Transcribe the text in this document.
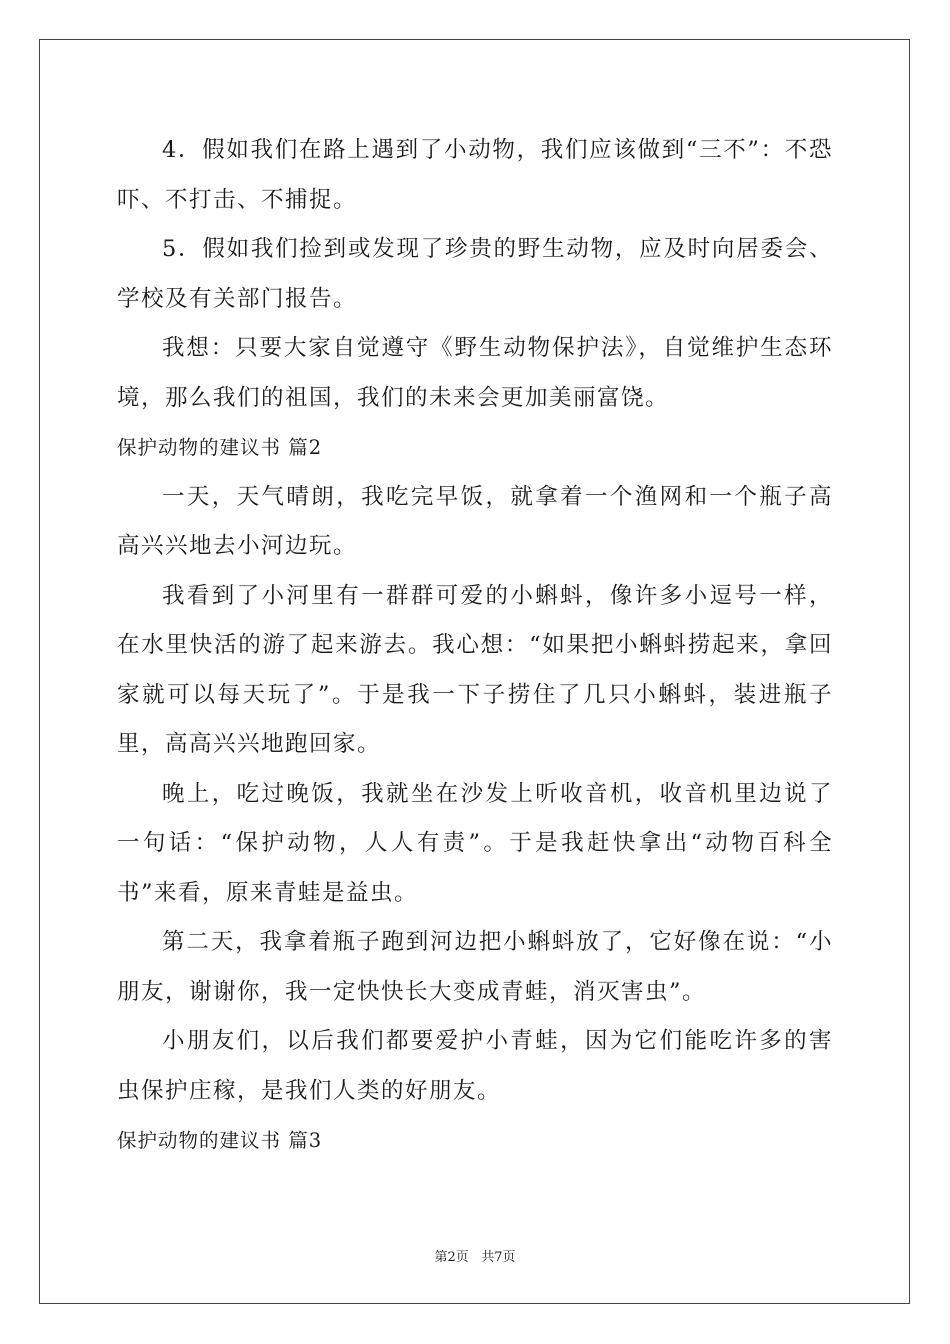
4．假如我们在路上遇到了小动物，我们应该做到“三不”：不恐吓、不打击、不捕捉。

5．假如我们捡到或发现了珍贵的野生动物，应及时向居委会、学校及有关部门报告。

我想：只要大家自觉遵守《野生动物保护法》，自觉维护生态环境，那么我们的祖国，我们的未来会更加美丽富饶。

保护动物的建议书 篇2

一天，天气晴朗，我吃完早饭，就拿着一个渔网和一个瓶子高高兴兴地去小河边玩。

我看到了小河里有一群群可爱的小蝌蚪，像许多小逗号一样，在水里快活的游了起来游去。我心想：“如果把小蝌蚪捞起来，拿回家就可以每天玩了”。于是我一下子捞住了几只小蝌蚪，装进瓶子里，高高兴兴地跑回家。

晚上，吃过晚饭，我就坐在沙发上听收音机，收音机里边说了一句话：“保护动物，人人有责”。于是我赶快拿出“动物百科全书”来看，原来青蛙是益虫。

第二天，我拿着瓶子跑到河边把小蝌蚪放了，它好像在说：“小朋友，谢谢你，我一定快快长大变成青蛙，消灭害虫”。

小朋友们，以后我们都要爱护小青蛙，因为它们能吃许多的害虫保护庄稼，是我们人类的好朋友。

保护动物的建议书 篇3

第2页 共7页
